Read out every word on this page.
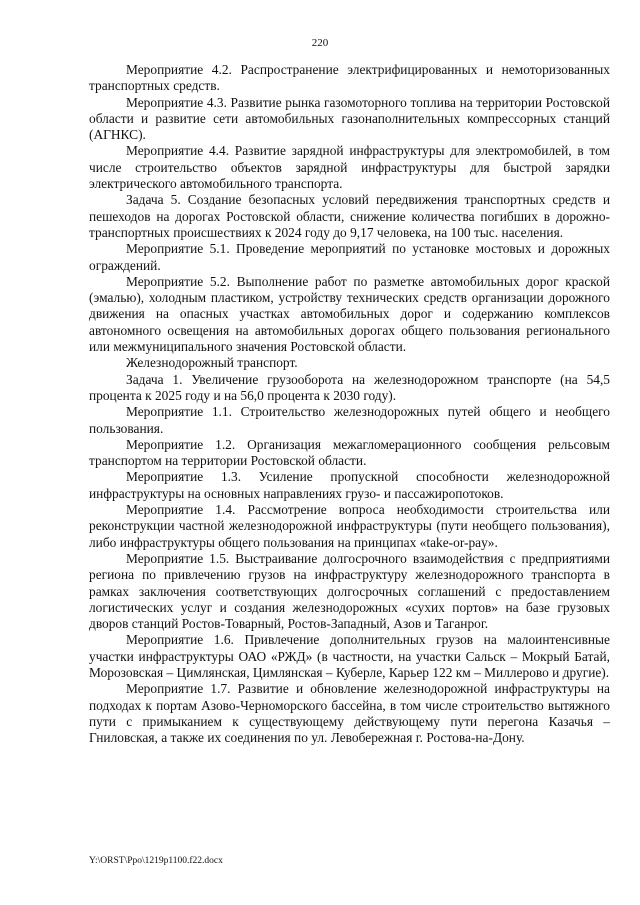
220

Мероприятие 4.2. Распространение электрифицированных и немоторизованных транспортных средств.

Мероприятие 4.3. Развитие рынка газомоторного топлива на территории Ростовской области и развитие сети автомобильных газонаполнительных компрессорных станций (АГНКС).

Мероприятие 4.4. Развитие зарядной инфраструктуры для электромобилей, в том числе строительство объектов зарядной инфраструктуры для быстрой зарядки электрического автомобильного транспорта.

Задача 5. Создание безопасных условий передвижения транспортных средств и пешеходов на дорогах Ростовской области, снижение количества погибших в дорожно-транспортных происшествиях к 2024 году до 9,17 человека, на 100 тыс. населения.

Мероприятие 5.1. Проведение мероприятий по установке мостовых и дорожных ограждений.

Мероприятие 5.2. Выполнение работ по разметке автомобильных дорог краской (эмалью), холодным пластиком, устройству технических средств организации дорожного движения на опасных участках автомобильных дорог и содержанию комплексов автономного освещения на автомобильных дорогах общего пользования регионального или межмуниципального значения Ростовской области.

Железнодорожный транспорт.

Задача 1. Увеличение грузооборота на железнодорожном транспорте (на 54,5 процента к 2025 году и на 56,0 процента к 2030 году).

Мероприятие 1.1. Строительство железнодорожных путей общего и необщего пользования.

Мероприятие 1.2. Организация межагломерационного сообщения рельсовым транспортом на территории Ростовской области.

Мероприятие 1.3. Усиление пропускной способности железнодорожной инфраструктуры на основных направлениях грузо- и пассажиропотоков.

Мероприятие 1.4. Рассмотрение вопроса необходимости строительства или реконструкции частной железнодорожной инфраструктуры (пути необщего пользования), либо инфраструктуры общего пользования на принципах «take-or-pay».

Мероприятие 1.5. Выстраивание долгосрочного взаимодействия с предприятиями региона по привлечению грузов на инфраструктуру железнодорожного транспорта в рамках заключения соответствующих долгосрочных соглашений с предоставлением логистических услуг и создания железнодорожных «сухих портов» на базе грузовых дворов станций Ростов-Товарный, Ростов-Западный, Азов и Таганрог.

Мероприятие 1.6. Привлечение дополнительных грузов на малоинтенсивные участки инфраструктуры ОАО «РЖД» (в частности, на участки Сальск – Мокрый Батай, Морозовская – Цимлянская, Цимлянская – Куберле, Карьер 122 км – Миллерово и другие).

Мероприятие 1.7. Развитие и обновление железнодорожной инфраструктуры на подходах к портам Азово-Черноморского бассейна, в том числе строительство вытяжного пути с примыканием к существующему действующему пути перегона Казачья – Гниловская, а также их соединения по ул. Левобережная г. Ростова-на-Дону.

Y:\ORST\Ppo\1219p1100.f22.docx
